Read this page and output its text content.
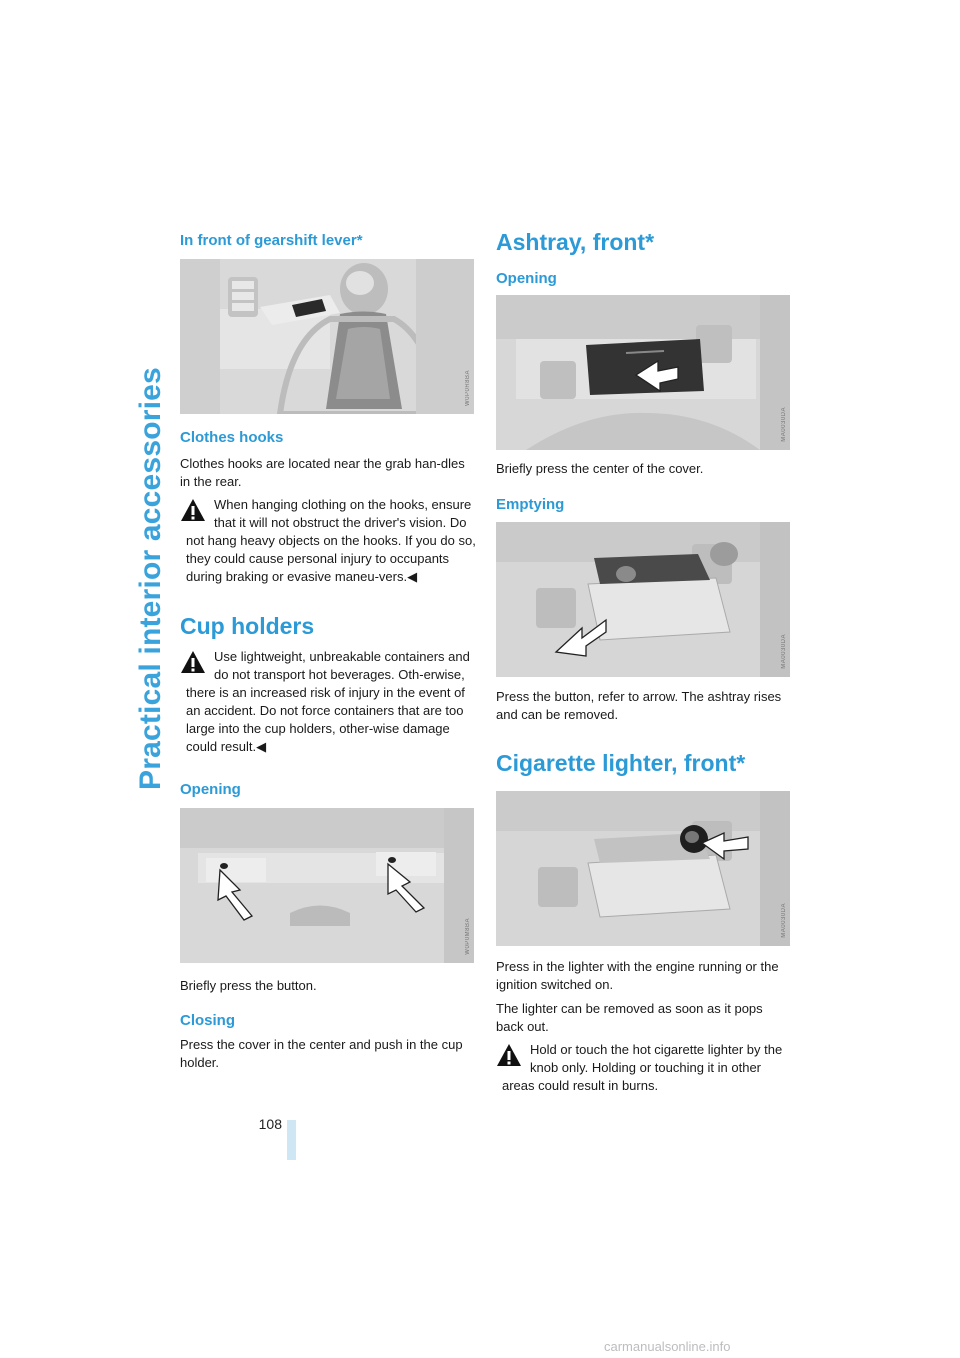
Practical interior accessories
In front of gearshift lever*
W0P0R8BA
Clothes hooks

Clothes hooks are located near the grab han-dles in the rear.

When hanging clothing on the hooks, ensure that it will not obstruct the driver's vision. Do not hang heavy objects on the hooks. If you do so, they could cause personal injury to occupants during braking or evasive maneu-vers.◀

Cup holders

Use lightweight, unbreakable containers and do not transport hot beverages. Oth-erwise, there is an increased risk of injury in the event of an accident. Do not force containers that are too large into the cup holders, other-wise damage could result.◀

Opening
W0P0M8BA

Briefly press the button.

Closing

Press the cover in the center and push in the cup holder.

Ashtray, front*
Opening
MA0030DA

Briefly press the center of the cover.

Emptying
MA0030DA

Press the button, refer to arrow. The ashtray rises and can be removed.

Cigarette lighter, front*
MA0030DA

Press in the lighter with the engine running or the ignition switched on.

The lighter can be removed as soon as it pops back out.

Hold or touch the hot cigarette lighter by the knob only. Holding or touching it in other areas could result in burns.

108
carmanualsonline.info
